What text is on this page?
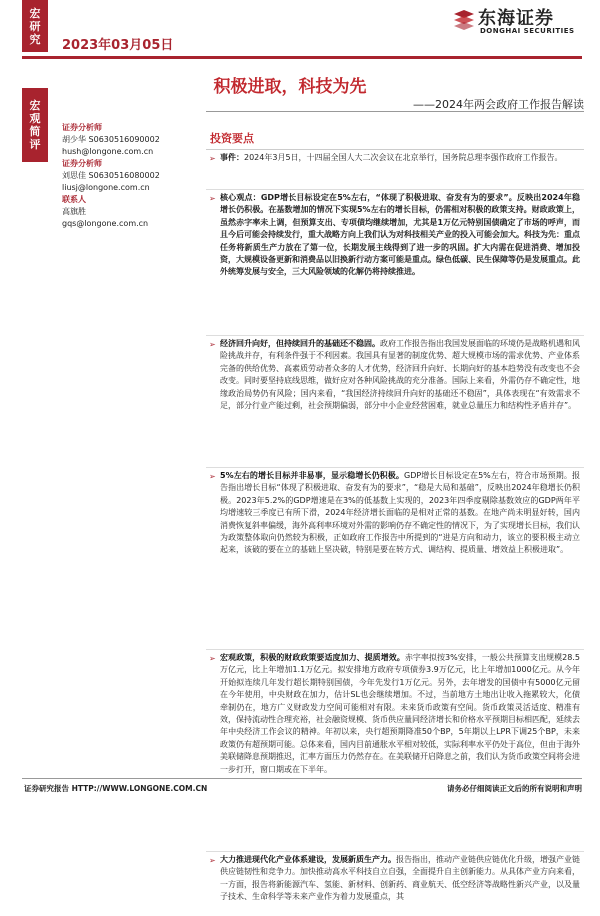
宏
研
究 2023年03月05日
东海证券
DONGHAI SECURITIES
宏
观
简
评
积极进取，科技为先
——2024年两会政府工作报告解读
证券分析师
胡少华 S0630516090002
hush@longone.com.cn
证券分析师
刘思佳 S0630516080002
liusj@longone.com.cn
联系人
高旗胜
gqs@longone.com.cn
投资要点
➢ 事件：2024年3月5日，十四届全国人大二次会议在北京举行，国务院总理李强作政府工作报告。
➢ 核心观点：GDP增长目标设定在5%左右，“体现了积极进取、奋发有为的要求”。反映出2024年稳增长仍积极。在基数增加的情况下实现5%左右的增长目标，仍需相对积极的政策支持。财政政策上，虽然赤字率未上调，但预算支出、专项债均继续增加，尤其是1万亿元特别国债确定了市场的呼声，而且今后可能会持续发行，重大战略方向上我们认为对科技相关产业的投入可能会加大。科技为先：重点任务将新质生产力放在了第一位，长期发展主线得到了进一步的巩固。扩大内需在促进消费、增加投资，大规模设备更新和消费品以旧换新行动方案可能是重点。绿色低碳、民生保障等仍是发展重点。此外统筹发展与安全，三大风险领域的化解仍将持续推进。
➢ 经济回升向好，但持续回升的基础还不稳固。政府工作报告指出我国发展面临的环境仍是战略机遇和风险挑战并存，有利条件强于不利因素。我国具有显著的制度优势、超大规模市场的需求优势、产业体系完备的供给优势、高素质劳动者众多的人才优势，经济回升向好、长期向好的基本趋势没有改变也不会改变。同时要坚持底线思维，做好应对各种风险挑战的充分准备。国际上来看，外需仍存不确定性，地缘政治局势仍有风险；国内来看，“我国经济持续回升向好的基础还不稳固”，具体表现在“有效需求不足，部分行业产能过剩，社会预期偏弱，部分中小企业经营困难，就业总量压力和结构性矛盾并存”。
➢ 5%左右的增长目标并非易事，显示稳增长仍积极。GDP增长目标设定在5%左右，符合市场预期。报告指出增长目标“体现了积极进取、奋发有为的要求”，“稳是大局和基础”，反映出2024年稳增长仍积极。2023年5.2%的GDP增速是在3%的低基数上实现的，2023年四季度剔除基数效应的GDP两年平均增速较三季度已有所下滑，2024年经济增长面临的是相对正常的基数。在地产尚未明显好转，国内消费恢复斜率偏缓，海外高利率环境对外需的影响仍存不确定性的情况下，为了实现增长目标，我们认为政策整体取向仍然较为积极，正如政府工作报告中所提到的“进是方向和动力，该立的要积极主动立起来，该破的要在立的基础上坚决破，特别是要在转方式、调结构、提质量、增效益上积极进取”。
➢ 宏观政策，积极的财政政策要适度加力、提质增效。赤字率拟按3%安排，一般公共预算支出规模28.5万亿元，比上年增加1.1万亿元。拟安排地方政府专项债券3.9万亿元，比上年增加1000亿元。从今年开始拟连续几年发行超长期特别国债，今年先发行1万亿元。另外，去年增发的国债中有5000亿元留在今年使用，中央财政在加力，估计SL也会继续增加。不过，当前地方土地出让收入拖累较大，化债牵制仍在，地方广义财政发力空间可能相对有限。未来货币政策有空间。货币政策灵活适度、精准有效，保持流动性合理充裕，社会融资规模、货币供应量同经济增长和价格水平预期目标相匹配，延续去年中央经济工作会议的精神。年初以来，央行超预期降准50个BP，5年期以上LPR下调25个BP，未来政策仍有超预期可能。总体来看，国内目前通胀水平相对较低，实际利率水平仍处于高位，但由于海外美联储降息预期推迟，汇率方面压力仍然存在。在美联储开启降息之前，我们认为货币政策空间将会进一步打开，窗口期或在下半年。
➢ 大力推进现代化产业体系建设，发展新质生产力。报告指出，推动产业链供应链优化升级，增强产业链供应链韧性和竞争力。加快推动高水平科技自立自强，全面提升自主创新能力。从具体产业方向来看，一方面，报告将新能源汽车、氢能、新材料、创新药、商业航天、低空经济等战略性新兴产业，以及量子技术、生命科学等未来产业作为着力发展重点，其
证券研究报告 HTTP://WWW.LONGONE.COM.CN	请务必仔细阅读正文后的所有说明和声明
